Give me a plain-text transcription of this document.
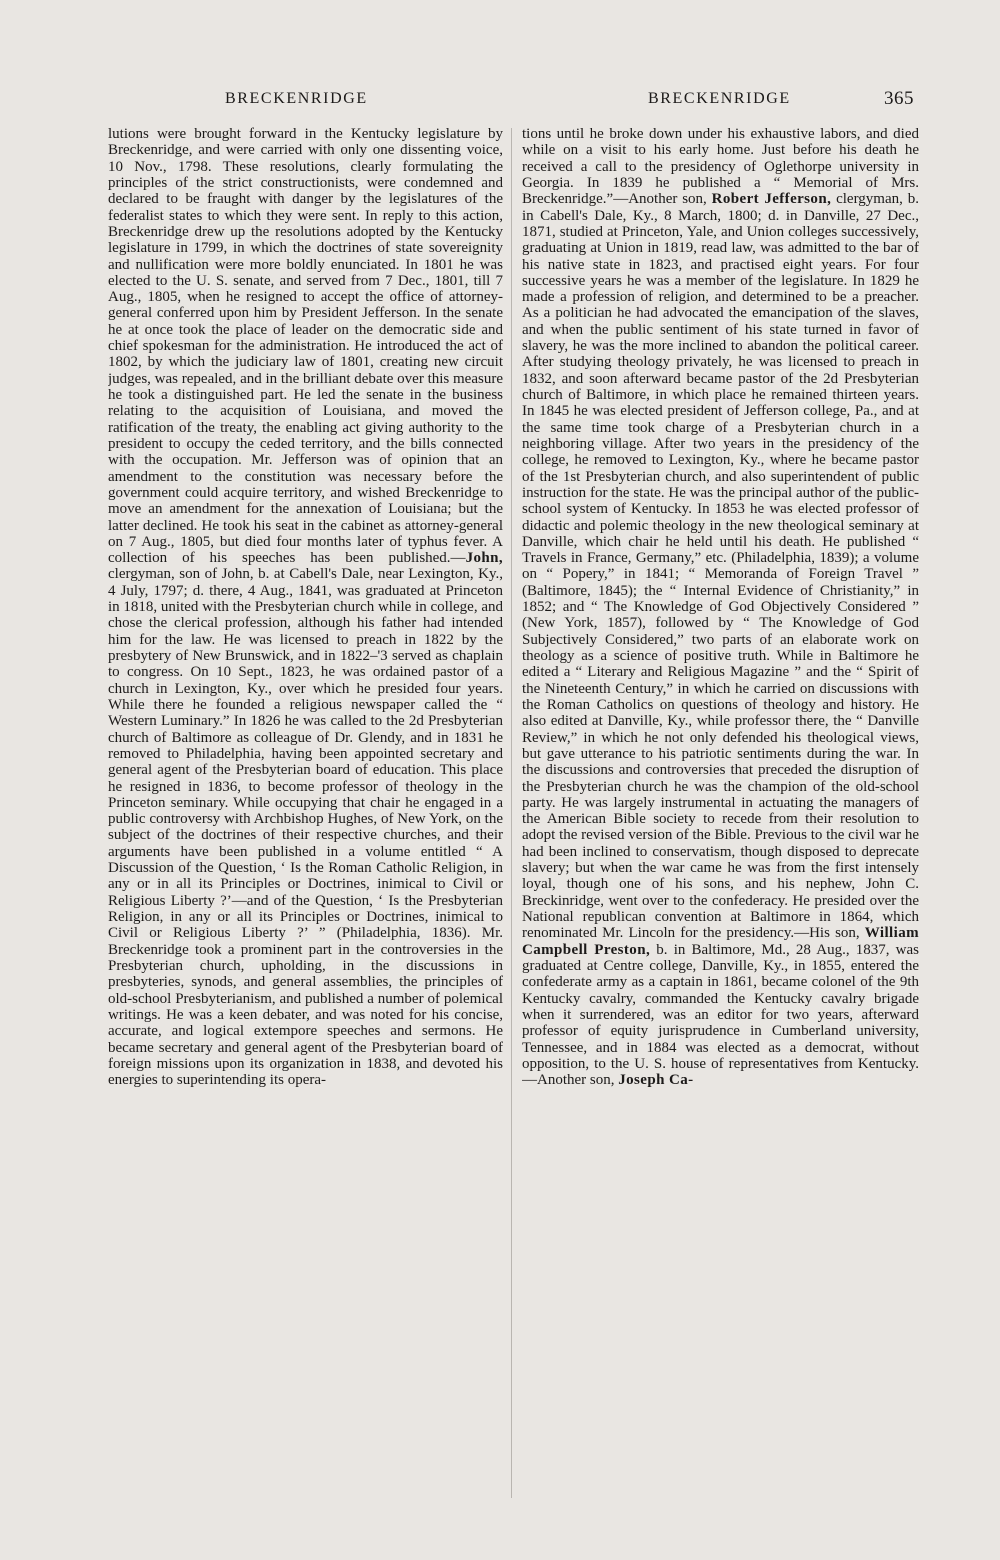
BRECKENRIDGE	BRECKENRIDGE	365

lutions were brought forward in the Kentucky legislature by Breckenridge, and were carried with only one dissenting voice, 10 Nov., 1798. These resolutions, clearly formulating the principles of the strict constructionists, were condemned and declared to be fraught with danger by the legislatures of the federalist states to which they were sent. In reply to this action, Breckenridge drew up the resolutions adopted by the Kentucky legislature in 1799, in which the doctrines of state sovereignity and nullification were more boldly enunciated. In 1801 he was elected to the U. S. senate, and served from 7 Dec., 1801, till 7 Aug., 1805, when he resigned to accept the office of attorney-general conferred upon him by President Jefferson. In the senate he at once took the place of leader on the democratic side and chief spokesman for the administration. He introduced the act of 1802, by which the judiciary law of 1801, creating new circuit judges, was repealed, and in the brilliant debate over this measure he took a distinguished part. He led the senate in the business relating to the acquisition of Louisiana, and moved the ratification of the treaty, the enabling act giving authority to the president to occupy the ceded territory, and the bills connected with the occupation. Mr. Jefferson was of opinion that an amendment to the constitution was necessary before the government could acquire territory, and wished Breckenridge to move an amendment for the annexation of Louisiana; but the latter declined. He took his seat in the cabinet as attorney-general on 7 Aug., 1805, but died four months later of typhus fever. A collection of his speeches has been published.—John, clergyman, son of John, b. at Cabell's Dale, near Lexington, Ky., 4 July, 1797; d. there, 4 Aug., 1841, was graduated at Princeton in 1818, united with the Presbyterian church while in college, and chose the clerical profession, although his father had intended him for the law. He was licensed to preach in 1822 by the presbytery of New Brunswick, and in 1822–'3 served as chaplain to congress. On 10 Sept., 1823, he was ordained pastor of a church in Lexington, Ky., over which he presided four years. While there he founded a religious newspaper called the “ Western Luminary.” In 1826 he was called to the 2d Presbyterian church of Baltimore as colleague of Dr. Glendy, and in 1831 he removed to Philadelphia, having been appointed secretary and general agent of the Presbyterian board of education. This place he resigned in 1836, to become professor of theology in the Princeton seminary. While occupying that chair he engaged in a public controversy with Archbishop Hughes, of New York, on the subject of the doctrines of their respective churches, and their arguments have been published in a volume entitled “ A Discussion of the Question, ‘ Is the Roman Catholic Religion, in any or in all its Principles or Doctrines, inimical to Civil or Religious Liberty ?’—and of the Question, ‘ Is the Presbyterian Religion, in any or all its Principles or Doctrines, inimical to Civil or Religious Liberty ?’ ” (Philadelphia, 1836). Mr. Breckenridge took a prominent part in the controversies in the Presbyterian church, upholding, in the discussions in presbyteries, synods, and general assemblies, the principles of old-school Presbyterianism, and published a number of polemical writings. He was a keen debater, and was noted for his concise, accurate, and logical extempore speeches and sermons. He became secretary and general agent of the Presbyterian board of foreign missions upon its organization in 1838, and devoted his energies to superintending its opera-

tions until he broke down under his exhaustive labors, and died while on a visit to his early home. Just before his death he received a call to the presidency of Oglethorpe university in Georgia. In 1839 he published a “ Memorial of Mrs. Breckenridge.”—Another son, Robert Jefferson, clergyman, b. in Cabell's Dale, Ky., 8 March, 1800; d. in Danville, 27 Dec., 1871, studied at Princeton, Yale, and Union colleges successively, graduating at Union in 1819, read law, was admitted to the bar of his native state in 1823, and practised eight years. For four successive years he was a member of the legislature. In 1829 he made a profession of religion, and determined to be a preacher. As a politician he had advocated the emancipation of the slaves, and when the public sentiment of his state turned in favor of slavery, he was the more inclined to abandon the political career. After studying theology privately, he was licensed to preach in 1832, and soon afterward became pastor of the 2d Presbyterian church of Baltimore, in which place he remained thirteen years. In 1845 he was elected president of Jefferson college, Pa., and at the same time took charge of a Presbyterian church in a neighboring village. After two years in the presidency of the college, he removed to Lexington, Ky., where he became pastor of the 1st Presbyterian church, and also superintendent of public instruction for the state. He was the principal author of the public-school system of Kentucky. In 1853 he was elected professor of didactic and polemic theology in the new theological seminary at Danville, which chair he held until his death. He published “ Travels in France, Germany,” etc. (Philadelphia, 1839); a volume on “ Popery,” in 1841; “ Memoranda of Foreign Travel ” (Baltimore, 1845); the “ Internal Evidence of Christianity,” in 1852; and “ The Knowledge of God Objectively Considered ” (New York, 1857), followed by “ The Knowledge of God Subjectively Considered,” two parts of an elaborate work on theology as a science of positive truth. While in Baltimore he edited a “ Literary and Religious Magazine ” and the “ Spirit of the Nineteenth Century,” in which he carried on discussions with the Roman Catholics on questions of theology and history. He also edited at Danville, Ky., while professor there, the “ Danville Review,” in which he not only defended his theological views, but gave utterance to his patriotic sentiments during the war. In the discussions and controversies that preceded the disruption of the Presbyterian church he was the champion of the old-school party. He was largely instrumental in actuating the managers of the American Bible society to recede from their resolution to adopt the revised version of the Bible. Previous to the civil war he had been inclined to conservatism, though disposed to deprecate slavery; but when the war came he was from the first intensely loyal, though one of his sons, and his nephew, John C. Breckinridge, went over to the confederacy. He presided over the National republican convention at Baltimore in 1864, which renominated Mr. Lincoln for the presidency.—His son, William Campbell Preston, b. in Baltimore, Md., 28 Aug., 1837, was graduated at Centre college, Danville, Ky., in 1855, entered the confederate army as a captain in 1861, became colonel of the 9th Kentucky cavalry, commanded the Kentucky cavalry brigade when it surrendered, was an editor for two years, afterward professor of equity jurisprudence in Cumberland university, Tennessee, and in 1884 was elected as a democrat, without opposition, to the U. S. house of representatives from Kentucky.—Another son, Joseph Ca-
